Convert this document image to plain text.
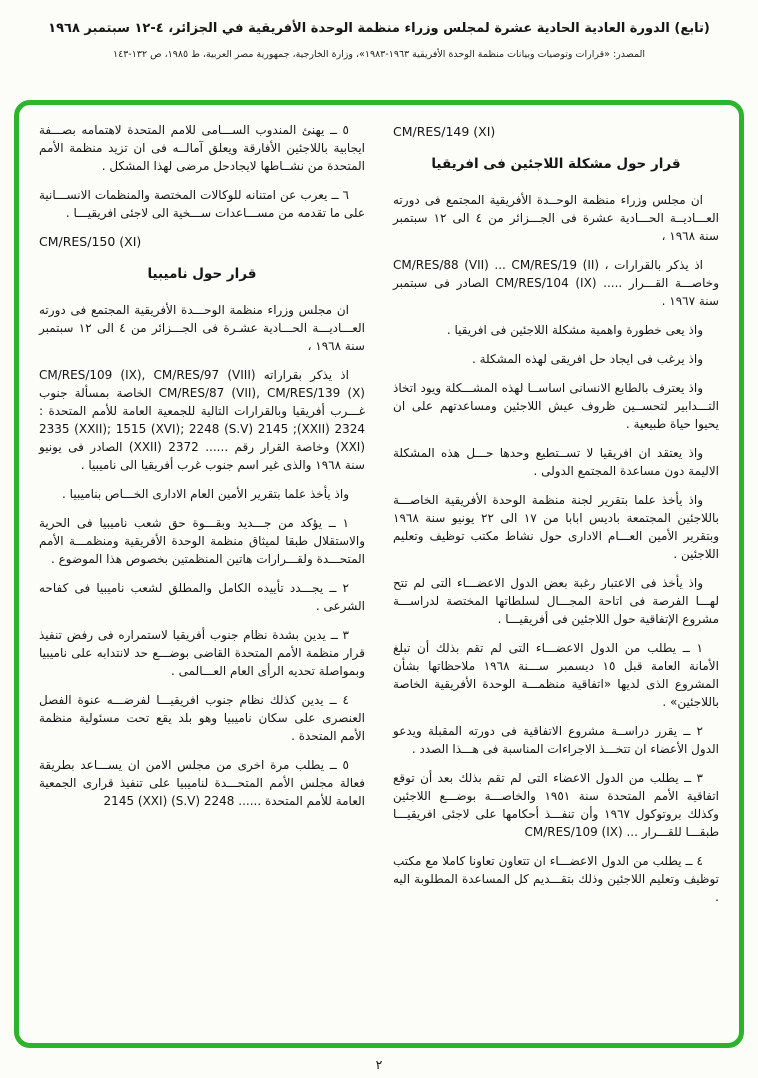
(تابع) الدورة العادية الحادية عشرة لمجلس وزراء منظمة الوحدة الأفريقية في الجزائر، ٤-١٢ سبتمبر ١٩٦٨
المصدر: «قرارات وتوصيات وبيانات منظمة الوحدة الأفريقية ١٩٦٣-١٩٨٣»، وزارة الخارجية، جمهورية مصر العربية، ط ١٩٨٥، ص ١٣٢-١٤٣
CM/RES/149 (XI)
قرار حول مشكلة اللاجئين فى افريقيا

ان مجلس وزراء منظمة الوحــدة الأفريقية المجتمع فى دورته العـــاديــة الحـــادية عشرة فى الجـــزائر من ٤ الى ١٢ سبتمبر سنة ١٩٦٨ ،

اذ يذكر بالقرارات ، CM/RES/88 (VII) ... CM/RES/19 (II) وخاصـــة القـــرار ..... CM/RES/104 (IX) الصادر فى سبتمبر سنة ١٩٦٧ .

واذ يعى خطورة واهمية مشكلة اللاجئين فى افريقيا .

واذ يرغب فى ايجاد حل افريقى لهذه المشكلة .

واذ يعترف بالطابع الانسانى اساســا لهذه المشـــكلة ويود اتخاذ التـــدابير لتحســين ظروف عيش اللاجئين ومساعدتهم على ان يحيوا حياة طبيعية .

واذ يعتقد ان افريقيا لا تســتطيع وحدها حـــل هذه المشكلة الاليمة دون مساعدة المجتمع الدولى .

واذ يأخذ علما بتقرير لجنة منظمة الوحدة الأفريقية الخاصـــة باللاجئين المجتمعة باديس ابابا من ١٧ الى ٢٢ يونيو سنة ١٩٦٨ وبتقرير الأمين العـــام الادارى حول نشاط مكتب توظيف وتعليم اللاجئين .

واذ يأخذ فى الاعتبار رغبة بعض الدول الاعضـــاء التى لم تتح لهـــا الفرصة فى اتاحة المجـــال لسلطاتها المختصة لدراســـة مشروع الإتفاقية حول اللاجئين فى أفريقيـــا .

١ ــ يطلب من الدول الاعضـــاء التى لم تقم بذلك أن تبلغ الأمانة العامة قبل ١٥ ديسمبر ســـنة ١٩٦٨ ملاحظاتها بشأن المشروع الذى لديها «اتفاقية منظمـــة الوحدة الأفريقية الخاصة باللاجئين» .

٢ ــ يقرر دراســة مشروع الاتفاقية فى دورته المقبلة ويدعو الدول الأعضاء ان تتخـــذ الاجراءات المناسبة فى هـــذا الصدد .

٣ ــ يطلب من الدول الاعضاء التى لم تقم بذلك بعد أن توقع اتفاقية الأمم المتحدة سنة ١٩٥١ والخاصـــة بوضـــع اللاجئين وكذلك بروتوكول ١٩٦٧ وأن تنفـــذ أحكامها على لاجئى افريقيـــا طبقـــا للقـــرار ... CM/RES/109 (IX)

٤ ــ يطلب من الدول الاعضـــاء ان تتعاون تعاونا كاملا مع مكتب توظيف وتعليم اللاجئين وذلك بتقـــديم كل المساعدة المطلوبة اليه .

٥ ــ يهنئ المندوب الســـامى للامم المتحدة لاهتمامه بصـــفة ايجابية باللاجئين الأفارقة ويعلق آمالــه فى ان تزيد منظمة الأمم المتحدة من نشــاطها لايجادحل مرضى لهذا المشكل .

٦ ــ يعرب عن امتنانه للوكالات المختصة والمنظمات الانســـانية على ما تقدمه من مســـاعدات ســـخية الى لاجئى افريقيـــا .

CM/RES/150 (XI)
قرار حول ناميبيا

ان مجلس وزراء منظمة الوحـــدة الأفريقية المجتمع فى دورته العـــاديـــة الحـــادية عشـرة فى الجـــزائر من ٤ الى ١٢ سبتمبر سنة ١٩٦٨ ،

اذ يذكر بقراراته CM/RES/109 (IX), CM/RES/97 (VIII) CM/RES/87 (VII), CM/RES/139 (X) الخاصة بمسألة جنوب غـــرب أفريقيا وبالقرارات التالية للجمعية العامة للأمم المتحدة : 2324 (XXII); 2335 (XXII); 1515 (XVI); 2248 (S.V) 2145 (XXI) وخاصة القرار رقم ...... 2372 (XXII) الصادر فى يونيو سنة ١٩٦٨ والذى غير اسم جنوب غرب أفريقيا الى ناميبيا .

واذ يأخذ علما بتقرير الأمين العام الادارى الخـــاص بناميبيا .

١ ــ يؤكد من جـــديد وبقـــوة حق شعب ناميبيا فى الحرية والاستقلال طبقا لميثاق منظمة الوحدة الأفريقية ومنظمـــة الأمم المتحـــدة ولقـــرارات هاتين المنظمتين بخصوص هذا الموضوع .

٢ ــ يجـــدد تأييده الكامل والمطلق لشعب ناميبيا فى كفاحه الشرعى .

٣ ــ يدين بشدة نظام جنوب أفريقيا لاستمراره فى رفض تنفيذ قرار منظمة الأمم المتحدة القاضى بوضـــع حد لانتدابه على ناميبيا وبمواصلة تحديه الرأى العام العـــالمى .

٤ ــ يدين كذلك نظام جنوب افريقيـــا لفرضـــه عنوة الفصل العنصرى على سكان ناميبيا وهو بلد يقع تحت مسئولية منظمة الأمم المتحدة .

٥ ــ يطلب مرة اخرى من مجلس الامن ان يســـاعد بطريقة فعالة مجلس الأمم المتحـــدة لناميبيا على تنفيذ قرارى الجمعية العامة للأمم المتحدة ...... 2248 (S.V) 2145 (XXI)

٢
